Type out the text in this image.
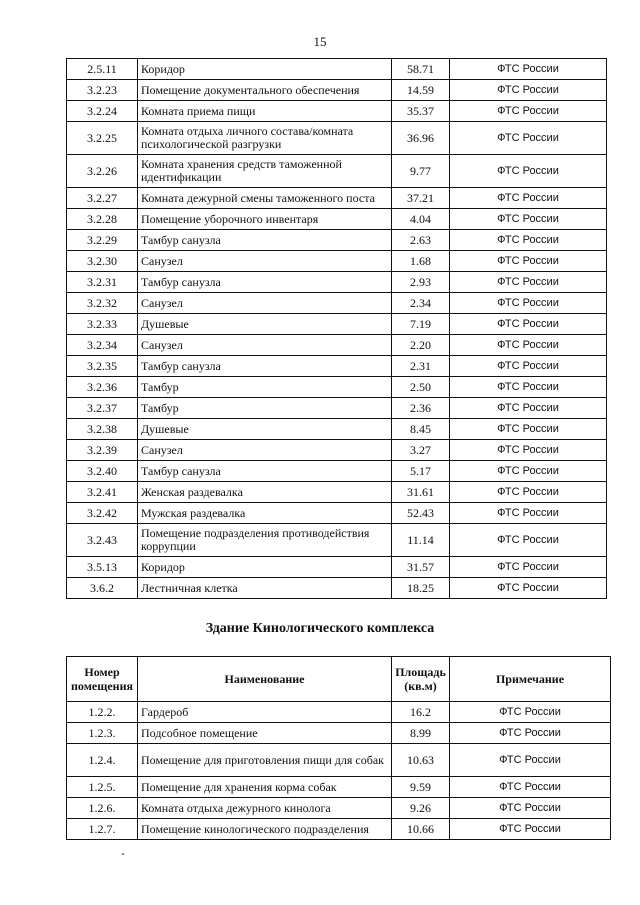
15
2.5.11	Коридор	58.71	ФТС России
3.2.23	Помещение документального обеспечения	14.59	ФТС России
3.2.24	Комната приема пищи	35.37	ФТС России
3.2.25	Комната отдыха личного состава/комната психологической разгрузки	36.96	ФТС России
3.2.26	Комната хранения средств таможенной идентификации	9.77	ФТС России
3.2.27	Комната дежурной смены таможенного поста	37.21	ФТС России
3.2.28	Помещение уборочного инвентаря	4.04	ФТС России
3.2.29	Тамбур санузла	2.63	ФТС России
3.2.30	Санузел	1.68	ФТС России
3.2.31	Тамбур санузла	2.93	ФТС России
3.2.32	Санузел	2.34	ФТС России
3.2.33	Душевые	7.19	ФТС России
3.2.34	Санузел	2.20	ФТС России
3.2.35	Тамбур санузла	2.31	ФТС России
3.2.36	Тамбур	2.50	ФТС России
3.2.37	Тамбур	2.36	ФТС России
3.2.38	Душевые	8.45	ФТС России
3.2.39	Санузел	3.27	ФТС России
3.2.40	Тамбур санузла	5.17	ФТС России
3.2.41	Женская раздевалка	31.61	ФТС России
3.2.42	Мужская раздевалка	52.43	ФТС России
3.2.43	Помещение подразделения противодействия коррупции	11.14	ФТС России
3.5.13	Коридор	31.57	ФТС России
3.6.2	Лестничная клетка	18.25	ФТС России
Здание Кинологического комплекса
Номер помещения	Наименование	Площадь (кв.м)	Примечание
1.2.2.	Гардероб	16.2	ФТС России
1.2.3.	Подсобное помещение	8.99	ФТС России
1.2.4.	Помещение для приготовления пищи для собак	10.63	ФТС России
1.2.5.	Помещение для хранения корма собак	9.59	ФТС России
1.2.6.	Комната отдыха дежурного кинолога	9.26	ФТС России
1.2.7.	Помещение кинологического подразделения	10.66	ФТС России
